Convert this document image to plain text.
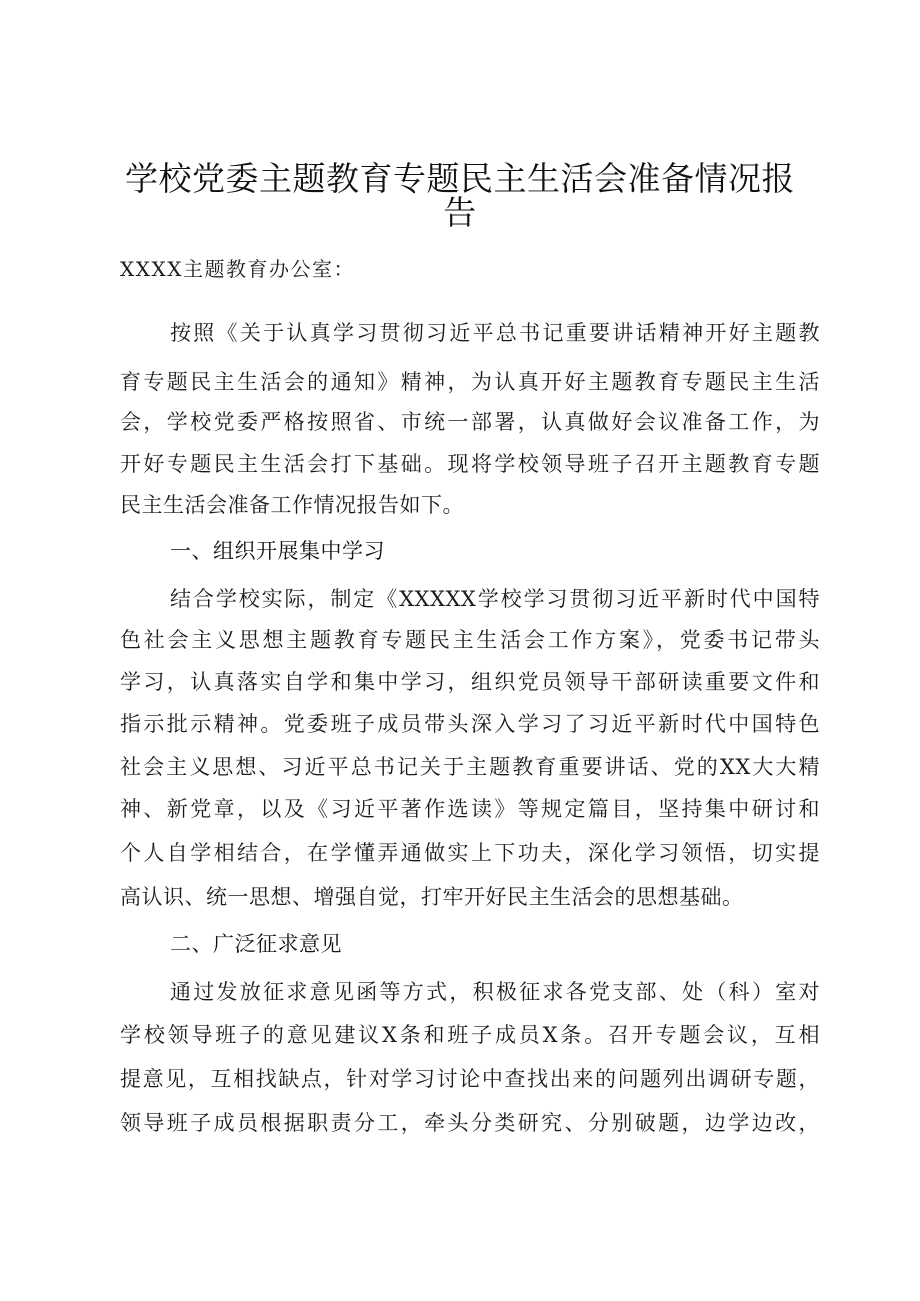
学校党委主题教育专题民主生活会准备情况报
告
XXXX主题教育办公室：
按照《关于认真学习贯彻习近平总书记重要讲话精神开好主题教
育专题民主生活会的通知》精神，为认真开好主题教育专题民主生活
会，学校党委严格按照省、市统一部署，认真做好会议准备工作，为
开好专题民主生活会打下基础。现将学校领导班子召开主题教育专题
民主生活会准备工作情况报告如下。
一、组织开展集中学习
结合学校实际，制定《XXXXX学校学习贯彻习近平新时代中国特
色社会主义思想主题教育专题民主生活会工作方案》，党委书记带头
学习，认真落实自学和集中学习，组织党员领导干部研读重要文件和
指示批示精神。党委班子成员带头深入学习了习近平新时代中国特色
社会主义思想、习近平总书记关于主题教育重要讲话、党的XX大大精
神、新党章，以及《习近平著作选读》等规定篇目，坚持集中研讨和
个人自学相结合，在学懂弄通做实上下功夫，深化学习领悟，切实提
高认识、统一思想、增强自觉，打牢开好民主生活会的思想基础。
二、广泛征求意见
通过发放征求意见函等方式，积极征求各党支部、处（科）室对
学校领导班子的意见建议X条和班子成员X条。召开专题会议，互相
提意见，互相找缺点，针对学习讨论中查找出来的问题列出调研专题，
领导班子成员根据职责分工，牵头分类研究、分别破题，边学边改，
